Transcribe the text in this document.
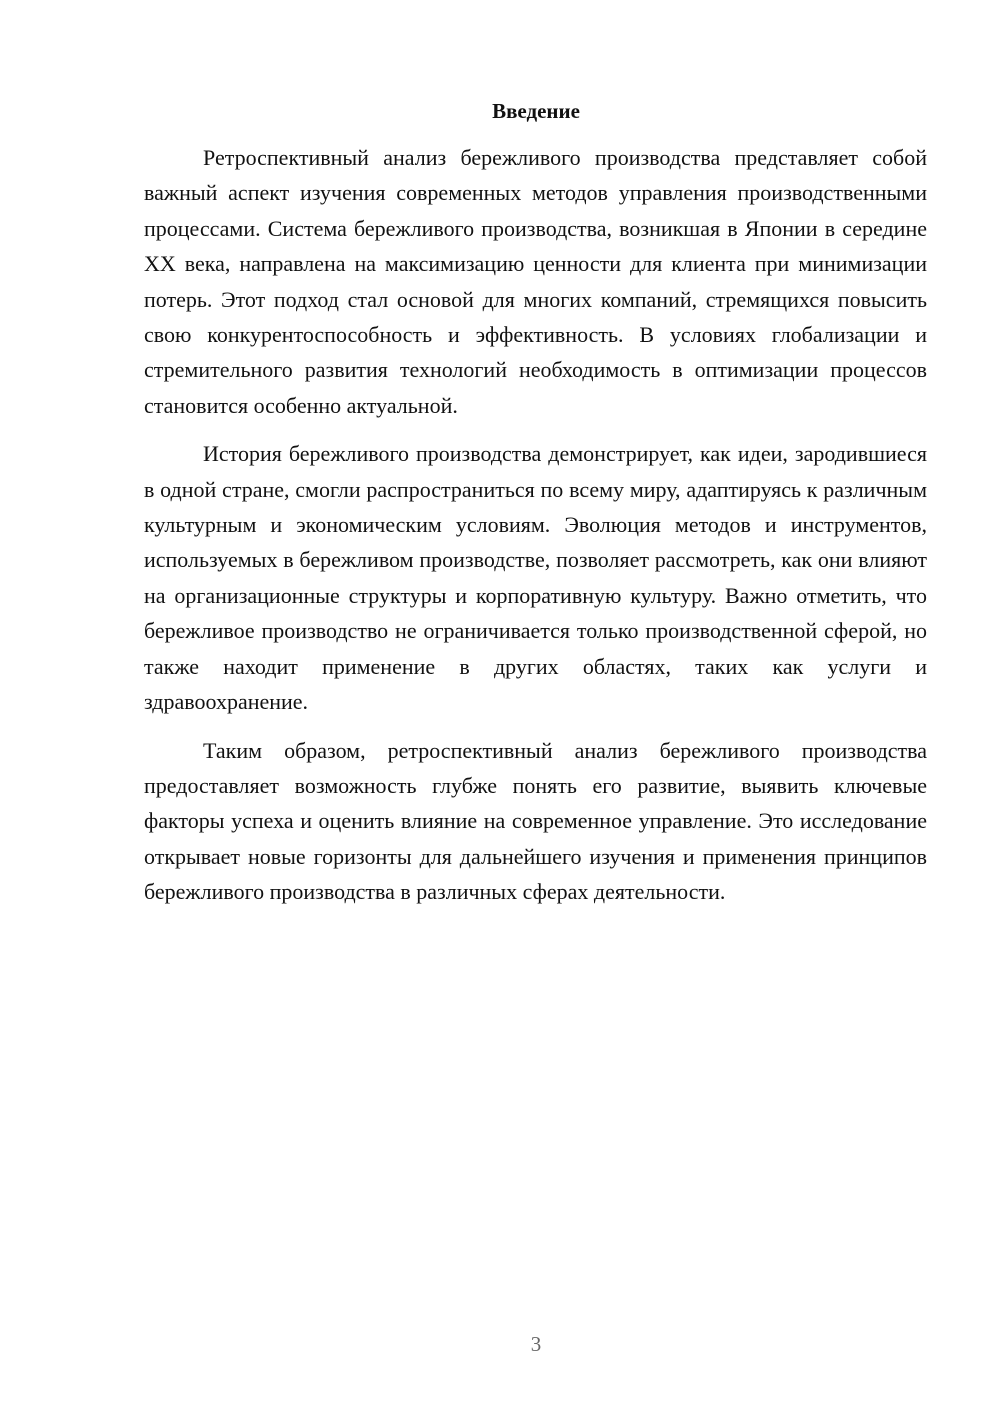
Введение

Ретроспективный анализ бережливого производства представляет собой важный аспект изучения современных методов управления производственными процессами. Система бережливого производства, возникшая в Японии в середине XX века, направлена на максимизацию ценности для клиента при минимизации потерь. Этот подход стал основой для многих компаний, стремящихся повысить свою конкурентоспособность и эффективность. В условиях глобализации и стремительного развития технологий необходимость в оптимизации процессов становится особенно актуальной.

История бережливого производства демонстрирует, как идеи, зародившиеся в одной стране, смогли распространиться по всему миру, адаптируясь к различным культурным и экономическим условиям. Эволюция методов и инструментов, используемых в бережливом производстве, позволяет рассмотреть, как они влияют на организационные структуры и корпоративную культуру. Важно отметить, что бережливое производство не ограничивается только производственной сферой, но также находит применение в других областях, таких как услуги и здравоохранение.

Таким образом, ретроспективный анализ бережливого производства предоставляет возможность глубже понять его развитие, выявить ключевые факторы успеха и оценить влияние на современное управление. Это исследование открывает новые горизонты для дальнейшего изучения и применения принципов бережливого производства в различных сферах деятельности.

3
